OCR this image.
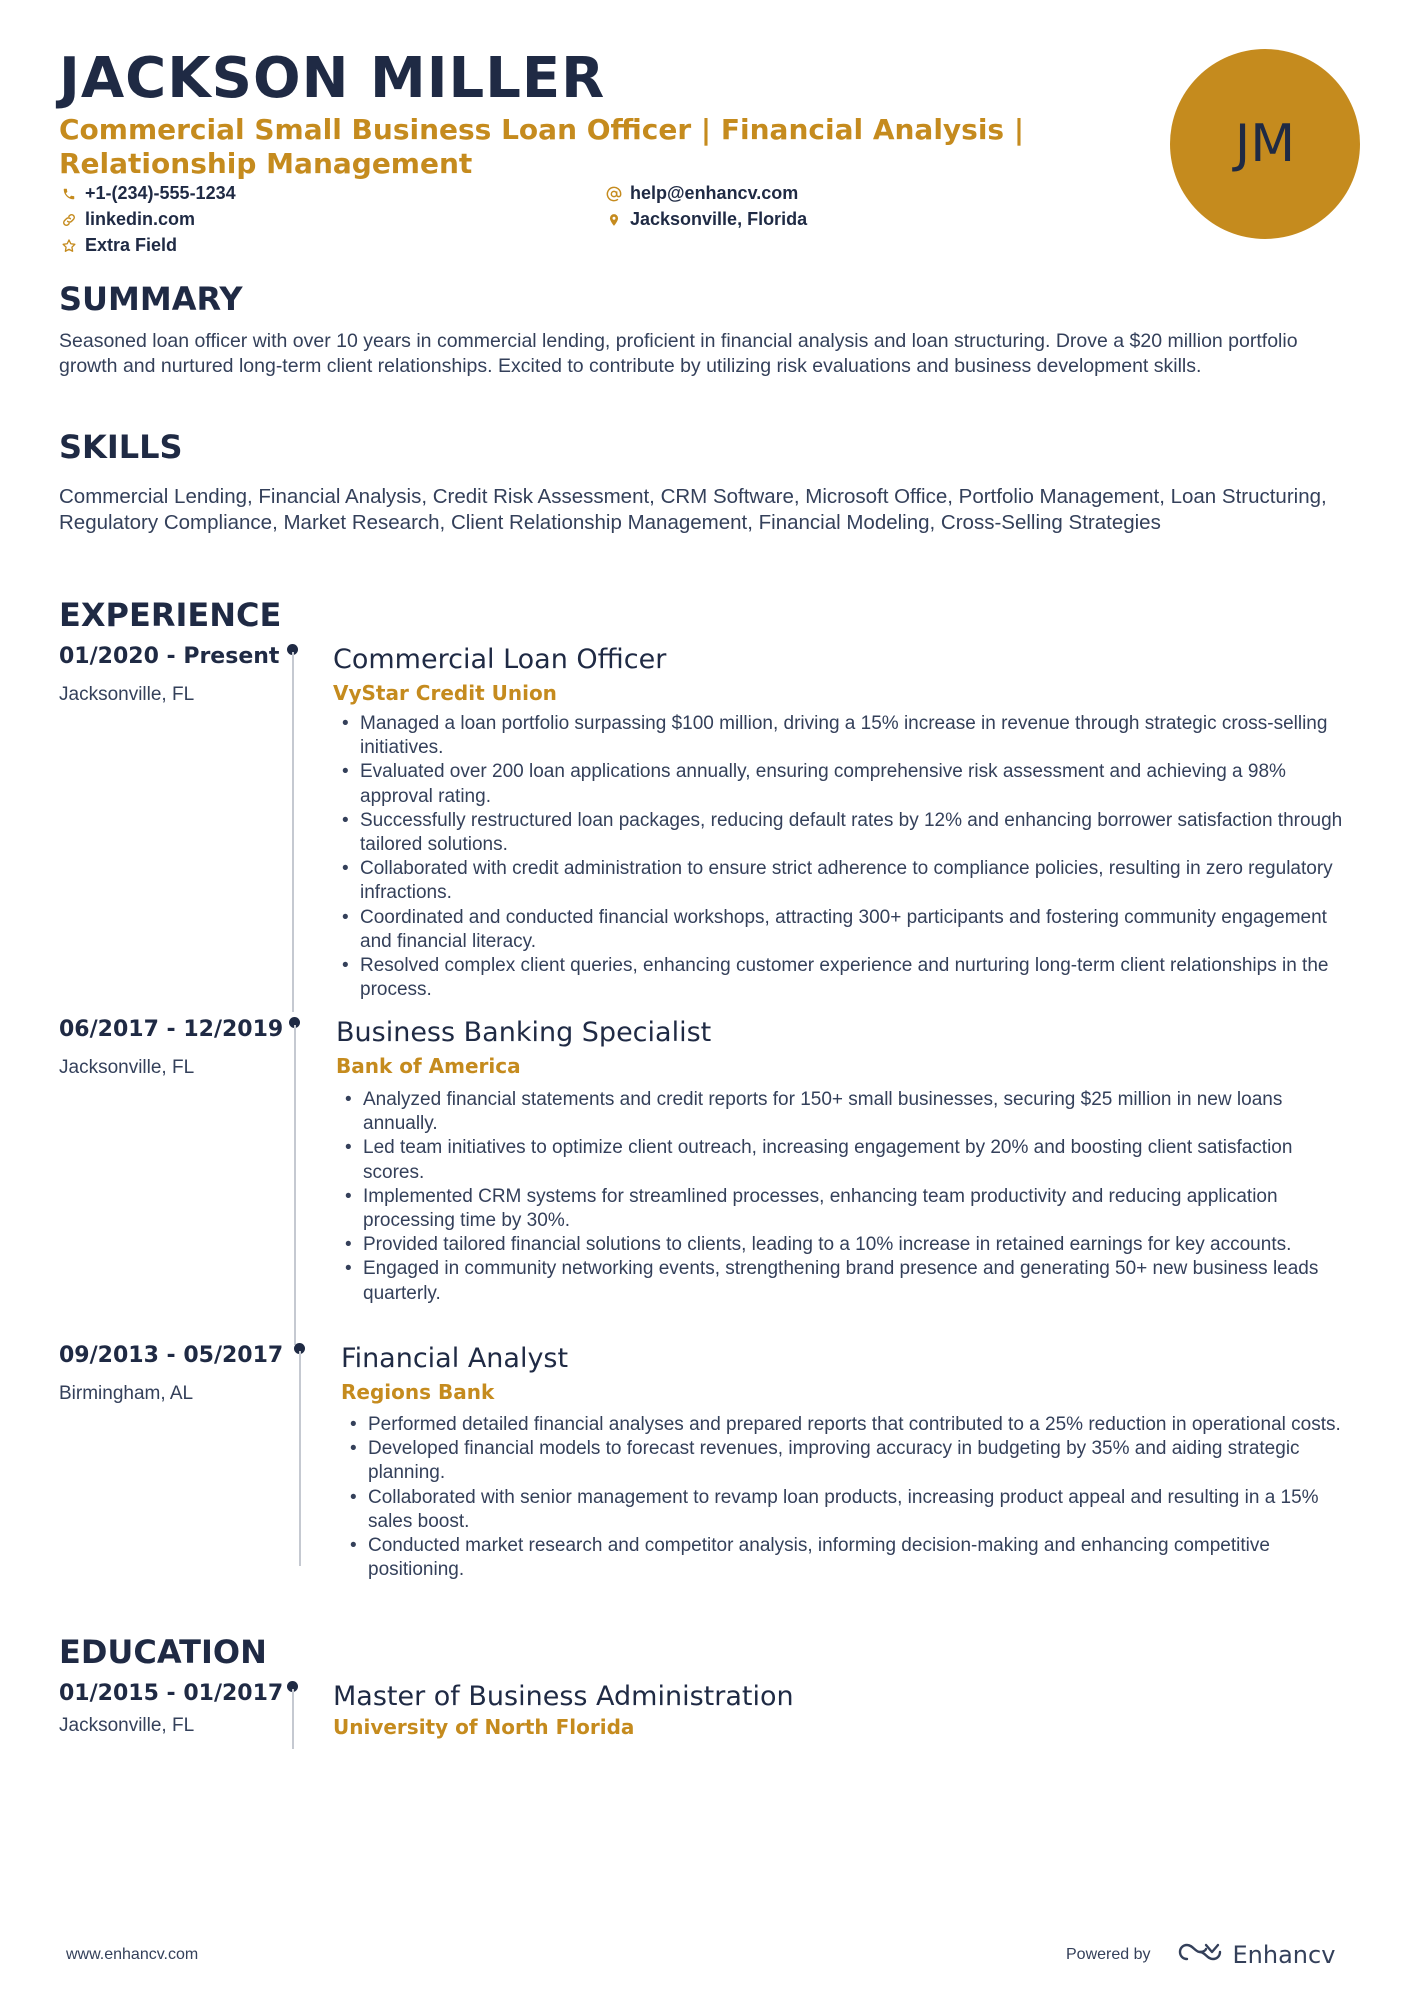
JACKSON MILLER
Commercial Small Business Loan Officer | Financial Analysis | Relationship Management
+1-(234)-555-1234	help@enhancv.com
linkedin.com	Jacksonville, Florida
Extra Field
JM
SUMMARY
Seasoned loan officer with over 10 years in commercial lending, proficient in financial analysis and loan structuring. Drove a $20 million portfolio growth and nurtured long-term client relationships. Excited to contribute by utilizing risk evaluations and business development skills.
SKILLS
Commercial Lending, Financial Analysis, Credit Risk Assessment, CRM Software, Microsoft Office, Portfolio Management, Loan Structuring, Regulatory Compliance, Market Research, Client Relationship Management, Financial Modeling, Cross-Selling Strategies
EXPERIENCE
01/2020 - Present
Jacksonville, FL
Commercial Loan Officer
VyStar Credit Union
• Managed a loan portfolio surpassing $100 million, driving a 15% increase in revenue through strategic cross-selling initiatives.
• Evaluated over 200 loan applications annually, ensuring comprehensive risk assessment and achieving a 98% approval rating.
• Successfully restructured loan packages, reducing default rates by 12% and enhancing borrower satisfaction through tailored solutions.
• Collaborated with credit administration to ensure strict adherence to compliance policies, resulting in zero regulatory infractions.
• Coordinated and conducted financial workshops, attracting 300+ participants and fostering community engagement and financial literacy.
• Resolved complex client queries, enhancing customer experience and nurturing long-term client relationships in the process.
06/2017 - 12/2019
Jacksonville, FL
Business Banking Specialist
Bank of America
• Analyzed financial statements and credit reports for 150+ small businesses, securing $25 million in new loans annually.
• Led team initiatives to optimize client outreach, increasing engagement by 20% and boosting client satisfaction scores.
• Implemented CRM systems for streamlined processes, enhancing team productivity and reducing application processing time by 30%.
• Provided tailored financial solutions to clients, leading to a 10% increase in retained earnings for key accounts.
• Engaged in community networking events, strengthening brand presence and generating 50+ new business leads quarterly.
09/2013 - 05/2017
Birmingham, AL
Financial Analyst
Regions Bank
• Performed detailed financial analyses and prepared reports that contributed to a 25% reduction in operational costs.
• Developed financial models to forecast revenues, improving accuracy in budgeting by 35% and aiding strategic planning.
• Collaborated with senior management to revamp loan products, increasing product appeal and resulting in a 15% sales boost.
• Conducted market research and competitor analysis, informing decision-making and enhancing competitive positioning.
EDUCATION
01/2015 - 01/2017
Jacksonville, FL
Master of Business Administration
University of North Florida
www.enhancv.com	Powered by	Enhancv
